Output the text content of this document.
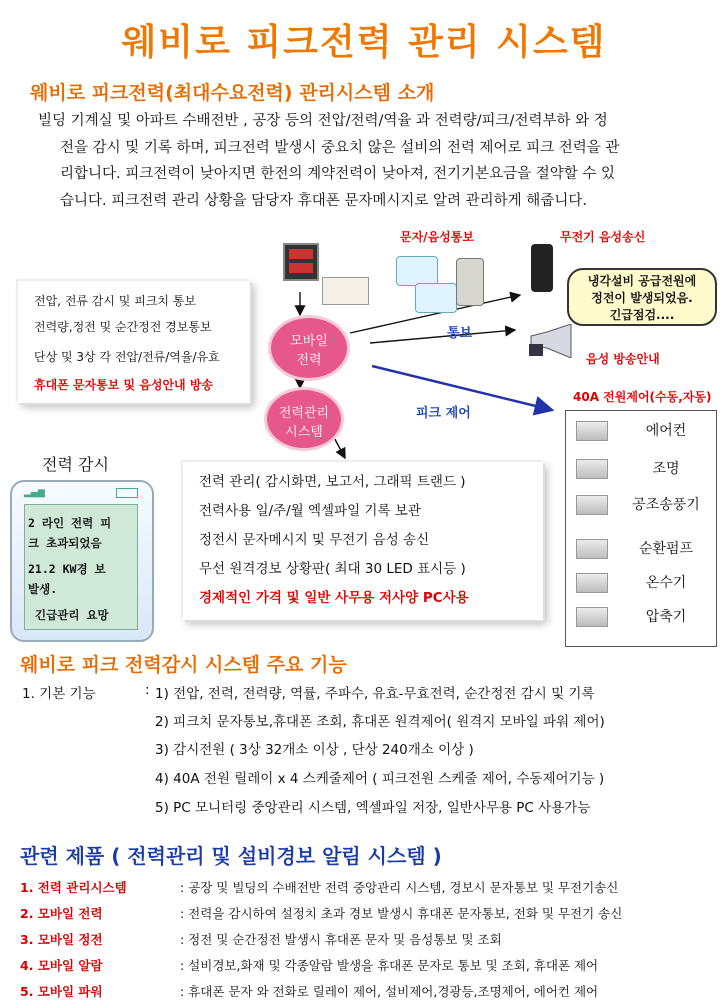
웨비로 피크전력 관리 시스템
웨비로 피크전력(최대수요전력) 관리시스템 소개

빌딩 기계실 및 아파트 수배전반 , 공장 등의 전압/전력/역율 과 전력량/피크/전력부하 와 정

전을 감시 및 기록 하며, 피크전력 발생시 중요치 않은 설비의 전력 제어로 피크 전력을 관

리합니다. 피크전력이 낮아지면 한전의 계약전력이 낮아져, 전기기본요금을 절약할 수 있

습니다. 피크전력 관리 상황을 담당자 휴대폰 문자메시지로 알려 관리하게 해줍니다.

문자/음성통보	무전기 음성송신
음성 방송안내
냉각설비 공급전원에
정전이 발생되었음.
긴급점검....
통보
피크 제어
전압, 전류 감시 및 피크치 통보
전력량,정전 및 순간정전 경보통보
단상 및 3상 각 전압/전류/역율/유효
휴대폰 문자통보 및 음성안내 방송
모바일
전력
전력관리
시스템
전력 감시
▂▄▆
2 라인 전력 피
크 초과되었음
21.2 KW경 보
발생.
긴급관리 요망
전력 관리( 감시화면, 보고서, 그래픽 트랜드 )
전력사용 일/주/월 엑셀파일 기록 보관
정전시 문자메시지 및 무전기 음성 송신
무선 원격경보 상황판( 최대 30 LED 표시등 )
경제적인 가격 및 일반 사무용 저사양 PC사용
40A 전원제어(수동,자동)
에어컨
조명
공조송풍기
순환펌프
온수기
압축기
웨비로 피크 전력감시 시스템 주요 기능
1. 기본 기능	: 1) 전압, 전력, 전력량, 역률, 주파수, 유효-무효전력, 순간정전 감시 및 기록
2) 피크치 문자통보,휴대폰 조회, 휴대폰 원격제어( 원격지 모바일 파워 제어)
3) 감시전원 ( 3상 32개소 이상 , 단상 240개소 이상 )
4) 40A 전원 릴레이 x 4 스케줄제어 ( 피크전원 스케줄 제어, 수동제어기능 )
5) PC 모니터링 중앙관리 시스템, 엑셀파일 저장, 일반사무용 PC 사용가능
관련 제품 ( 전력관리 및 설비경보 알림 시스템 )
1. 전력 관리시스템	: 공장 및 빌딩의 수배전반 전력 중앙관리 시스템, 경보시 문자통보 및 무전기송신
2. 모바일 전력	: 전력을 감시하여 설정치 초과 경보 발생시 휴대폰 문자통보, 전화 및 무전기 송신
3. 모바일 정전	: 정전 및 순간정전 발생시 휴대폰 문자 및 음성통보 및 조회
4. 모바일 알람	: 설비경보,화재 및 각종알람 발생을 휴대폰 문자로 통보 및 조회, 휴대폰 제어
5. 모바일 파워	: 휴대폰 문자 와 전화로 릴레이 제어, 설비제어,경광등,조명제어, 에어컨 제어
